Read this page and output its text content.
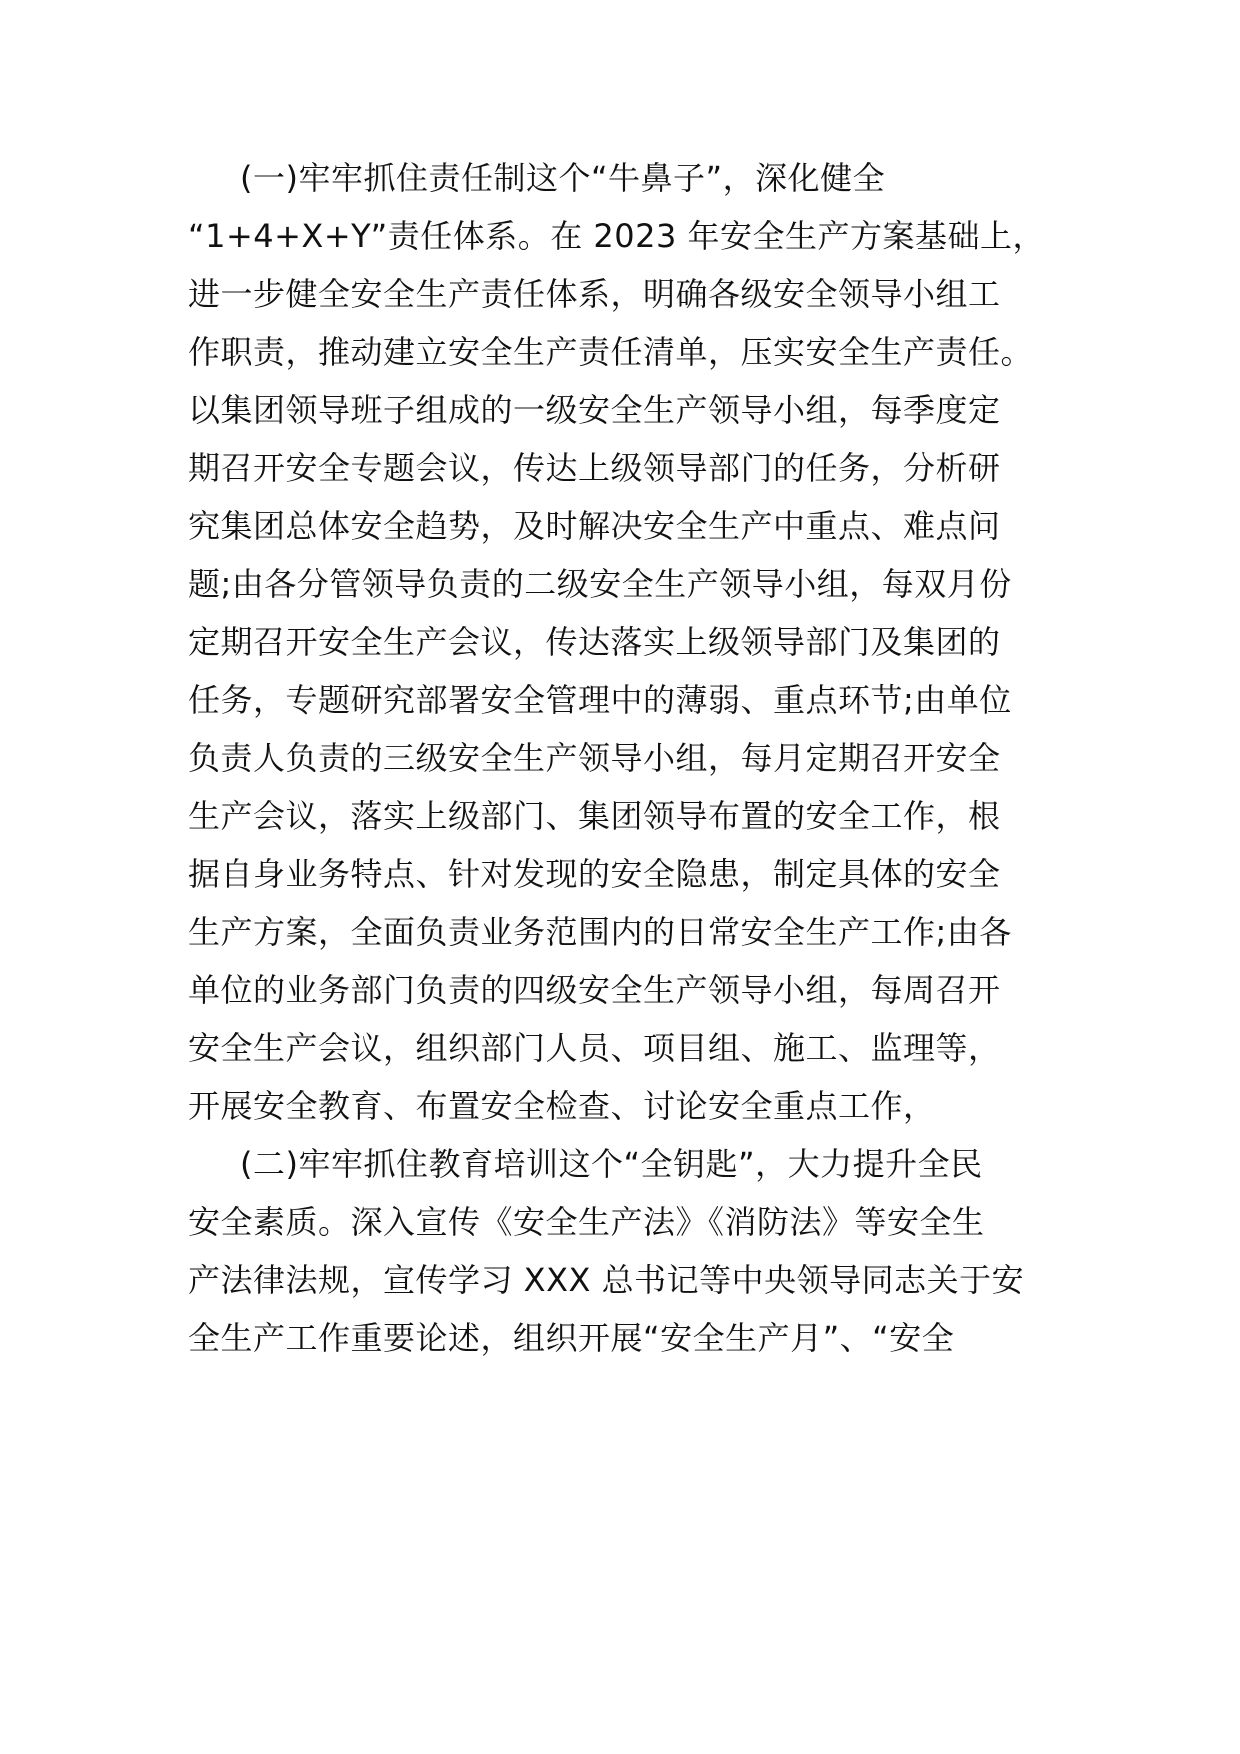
(一)牢牢抓住责任制这个“牛鼻子”，深化健全
“1+4+X+Y”责任体系。在 2023 年安全生产方案基础上，
进一步健全安全生产责任体系，明确各级安全领导小组工
作职责，推动建立安全生产责任清单，压实安全生产责任。
以集团领导班子组成的一级安全生产领导小组，每季度定
期召开安全专题会议，传达上级领导部门的任务，分析研
究集团总体安全趋势，及时解决安全生产中重点、难点问
题;由各分管领导负责的二级安全生产领导小组，每双月份
定期召开安全生产会议，传达落实上级领导部门及集团的
任务，专题研究部署安全管理中的薄弱、重点环节;由单位
负责人负责的三级安全生产领导小组，每月定期召开安全
生产会议，落实上级部门、集团领导布置的安全工作，根
据自身业务特点、针对发现的安全隐患，制定具体的安全
生产方案，全面负责业务范围内的日常安全生产工作;由各
单位的业务部门负责的四级安全生产领导小组，每周召开
安全生产会议，组织部门人员、项目组、施工、监理等，
开展安全教育、布置安全检查、讨论安全重点工作，
(二)牢牢抓住教育培训这个“全钥匙”，大力提升全民
安全素质。深入宣传《安全生产法》《消防法》等安全生
产法律法规，宣传学习 XXX 总书记等中央领导同志关于安
全生产工作重要论述，组织开展“安全生产月”、“安全
